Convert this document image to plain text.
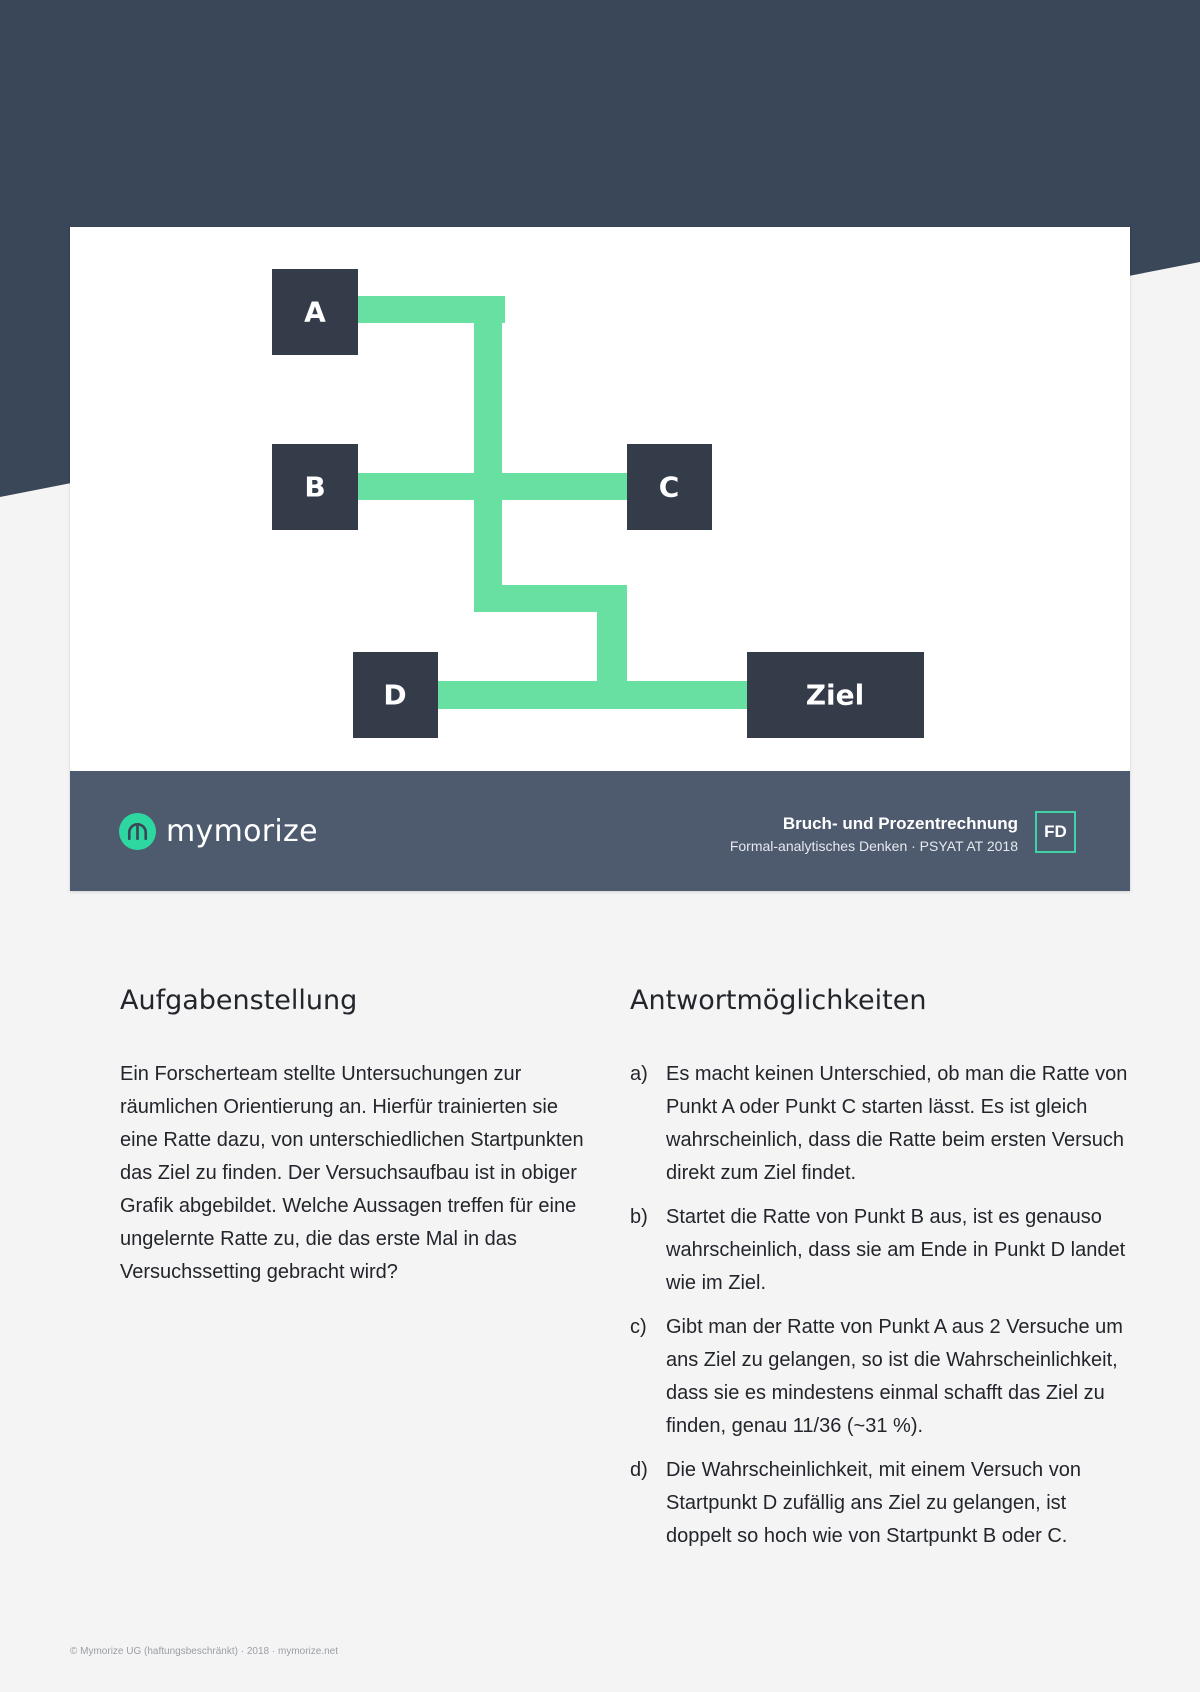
A
B	C
D	Ziel
mymorize	Bruch- und Prozentrechnung
Formal-analytisches Denken · PSYAT AT 2018
FD
Aufgabenstellung

Ein Forscherteam stellte Untersuchungen zur räumlichen Orientierung an. Hierfür trainierten sie eine Ratte dazu, von unterschiedlichen Startpunkten das Ziel zu finden. Der Versuchsaufbau ist in obiger Grafik abgebildet. Welche Aussagen treffen für eine ungelernte Ratte zu, die das erste Mal in das Versuchssetting gebracht wird?

Antwortmöglichkeiten
a) Es macht keinen Unterschied, ob man die Ratte von Punkt A oder Punkt C starten lässt. Es ist gleich wahrscheinlich, dass die Ratte beim ersten Versuch direkt zum Ziel findet.
b) Startet die Ratte von Punkt B aus, ist es genauso wahrscheinlich, dass sie am Ende in Punkt D landet wie im Ziel.
c) Gibt man der Ratte von Punkt A aus 2 Versuche um ans Ziel zu gelangen, so ist die Wahrscheinlichkeit, dass sie es mindestens einmal schafft das Ziel zu finden, genau 11/36 (~31 %).
d) Die Wahrscheinlichkeit, mit einem Versuch von Startpunkt D zufällig ans Ziel zu gelangen, ist doppelt so hoch wie von Startpunkt B oder C.
© Mymorize UG (haftungsbeschränkt) · 2018 · mymorize.net
